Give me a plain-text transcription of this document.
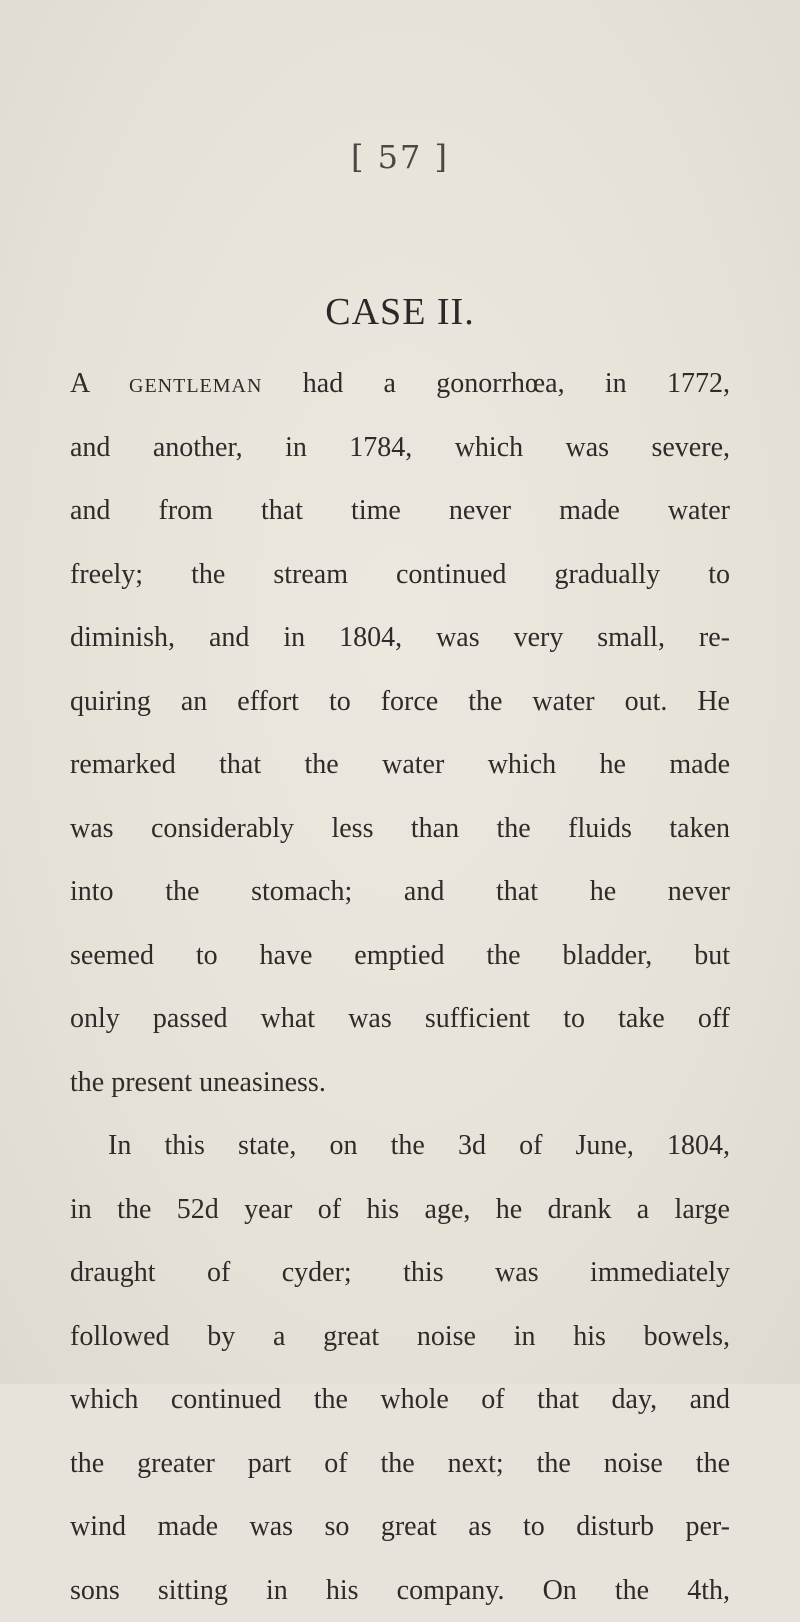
[ 57 ]
CASE II.
A gentleman had a gonorrhœa, in 1772,
and another, in 1784, which was severe,
and from that time never made water
freely; the stream continued gradually to
diminish, and in 1804, was very small, re-
quiring an effort to force the water out. He
remarked that the water which he made
was considerably less than the fluids taken
into the stomach; and that he never
seemed to have emptied the bladder, but
only passed what was sufficient to take off
the present uneasiness.
In this state, on the 3d of June, 1804,
in the 52d year of his age, he drank a large
draught of cyder; this was immediately
followed by a great noise in his bowels,
which continued the whole of that day, and
the greater part of the next; the noise the
wind made was so great as to disturb per-
sons sitting in his company. On the 4th,
